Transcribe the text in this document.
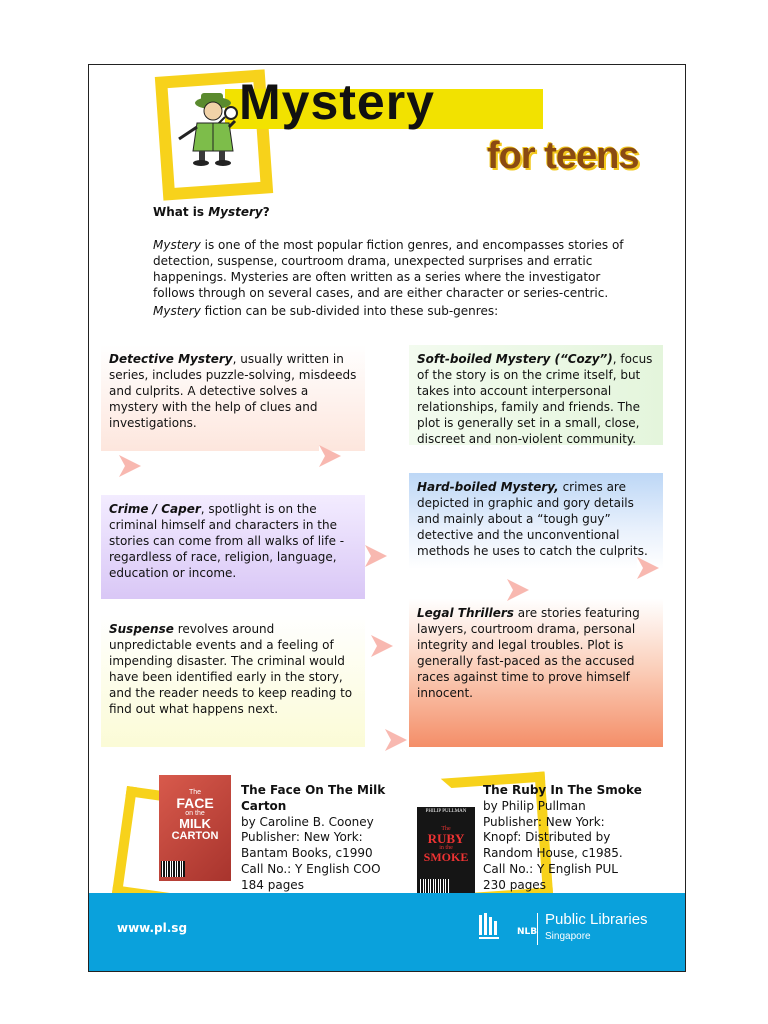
Mystery
for teens
What is Mystery?
Mystery is one of the most popular fiction genres, and encompasses stories of detection, suspense, courtroom drama, unexpected surprises and erratic happenings. Mysteries are often written as a series where the investigator follows through on several cases, and are either character or series-centric.
Mystery fiction can be sub-divided into these sub-genres:
Detective Mystery, usually written in series, includes puzzle-solving, misdeeds and culprits. A detective solves a mystery with the help of clues and investigations.
Soft-boiled Mystery (“Cozy”), focus of the story is on the crime itself, but takes into account interpersonal relationships, family and friends. The plot is generally set in a small, close, discreet and non-violent community.
Crime / Caper, spotlight is on the criminal himself and characters in the stories can come from all walks of life - regardless of race, religion, language, education or income.
Hard-boiled Mystery, crimes are depicted in graphic and gory details and mainly about a “tough guy” detective and the unconventional methods he uses to catch the culprits.
Suspense revolves around unpredictable events and a feeling of impending disaster. The criminal would have been identified early in the story, and the reader needs to keep reading to find out what happens next.
Legal Thrillers are stories featuring lawyers, courtroom drama, personal integrity and legal troubles. Plot is generally fast-paced as the accused races against time to prove himself innocent.
The
FACE
on the
MILK
CARTON
The Face On The Milk Carton
by Caroline B. Cooney
Publisher: New York:
Bantam Books, c1990
Call No.: Y English COO
184 pages
PHILIP PULLMAN
The
RUBY
in the
SMOKE
The Ruby In The Smoke
by Philip Pullman
Publisher: New York:
Knopf: Distributed by
Random House, c1985.
Call No.: Y English PUL
230 pages
www.pl.sg	NLB
Public Libraries
Singapore
